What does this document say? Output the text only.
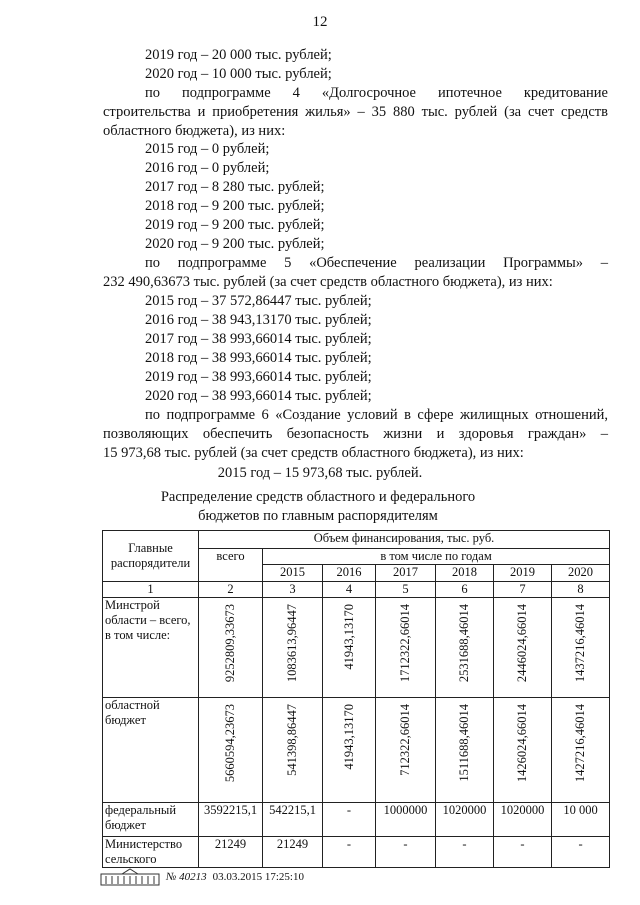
12
2019 год – 20 000 тыс. рублей;
2020 год – 10 000 тыс. рублей;
по подпрограмме 4 «Долгосрочное ипотечное кредитование
строительства и приобретения жилья» – 35 880 тыс. рублей (за счет средств
областного бюджета), из них:
2015 год – 0 рублей;
2016 год – 0 рублей;
2017 год – 8 280 тыс. рублей;
2018 год – 9 200 тыс. рублей;
2019 год – 9 200 тыс. рублей;
2020 год – 9 200 тыс. рублей;
по подпрограмме 5 «Обеспечение реализации Программы» –
232 490,63673 тыс. рублей (за счет средств областного бюджета), из них:
2015 год – 37 572,86447 тыс. рублей;
2016 год – 38 943,13170 тыс. рублей;
2017 год – 38 993,66014 тыс. рублей;
2018 год – 38 993,66014 тыс. рублей;
2019 год – 38 993,66014 тыс. рублей;
2020 год – 38 993,66014 тыс. рублей;
по подпрограмме 6 «Создание условий в сфере жилищных отношений,
позволяющих обеспечить безопасность жизни и здоровья граждан» –
15 973,68 тыс. рублей (за счет средств областного бюджета), из них:
2015 год – 15 973,68 тыс. рублей.
Распределение средств областного и федерального
бюджетов по главным распорядителям
Главные распорядители	Объем финансирования, тыс. руб.						
	всего	в том числе по годам					
		2015	2016	2017	2018	2019	2020
1	2	3	4	5	6	7	8
Минстрой области – всего, в том числе:	9252809,33673	1083613,96447	41943,13170	1712322,66014	2531688,46014	2446024,66014	1437216,46014

областной бюджет	5660594,23673	541398,86447	41943,13170	712322,66014	1511688,46014	1426024,66014	1427216,46014

федеральный бюджет	3592215,1	542215,1	-	1000000	1020000	1020000	10 000
Министерство сельского	21249	21249	-	-	-	-	-
№ 40213 03.03.2015 17:25:10
